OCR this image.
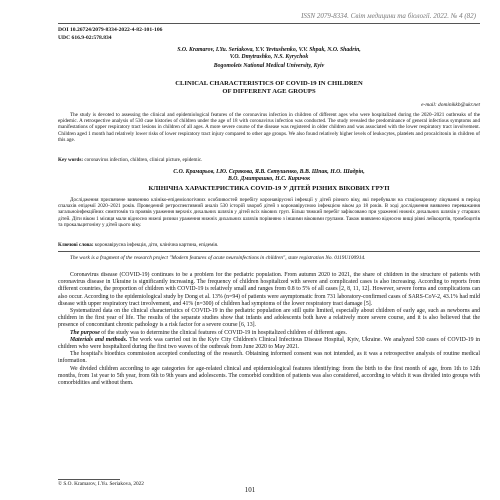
ISSN 2079-8334. Світ медицини та біології. 2022. № 4 (82)
DOI 10.26724/2079-8334-2022-4-82-101-106
UDC 616.9-02:578.834
S.O. Kramarov, I.Yu. Seriakova, Y.V. Yevtushenko, V.V. Shpak, N.O. Shadrin,
V.O. Dmytrashko, N.S. Kyrychok
Bogomolets National Medical University, Kyiv
CLINICAL CHARACTERISTICS OF COVID-19 IN CHILDREN
OF DIFFERENT AGE GROUPS
e-mail: dominikkb@ukr.net
The study is devoted to assessing the clinical and epidemiological features of the coronavirus infection in children of different ages who were hospitalized during the 2020–2021 outbreaks of the epidemic. A retrospective analysis of 530 case histories of children under the age of 18 with coronavirus infection was conducted. The study revealed the predominance of general infectious symptoms and manifestations of upper respiratory tract lesions in children of all ages. A more severe course of the disease was registered in older children and was associated with the lower respiratory tract involvement. Children aged 1 month had relatively lower risks of lower respiratory tract injury compared to other age groups. We also found relatively higher levels of leukocytes, platelets and procalcitonin in children of this age.
Key words: coronavirus infection, children, clinical picture, epidemic.
С.О. Крамарьов, І.Ю. Сєрякова, Я.В. Євтушенко, В.В. Шпак, Н.О. Шадрін,
В.О. Дмитрашко, Н.С. Киричок
КЛІНІЧНА ХАРАКТЕРИСТИКА COVID-19 У ДІТЕЙ РІЗНИХ ВІКОВИХ ГРУП
Дослідження присвячене вивченню клініко-епідеміологічних особливостей перебігу коронавірусної інфекції у дітей різного віку, які перебували на стаціонарному лікуванні в період спалахів епідемії 2020–2021 років. Проведений ретроспективний аналіз 530 історій хвороб дітей з коронавірусною інфекцією віком до 18 років. В ході дослідження виявлено переважання загальноінфекційних симптомів та проявів ураження верхніх дихальних шляхів у дітей всіх вікових груп. Більш тяжкий перебіг зафіксовано при ураженні нижніх дихальних шляхів у старших дітей. Діти віком 1 місяця мали відносно нижчі ризики ураження нижніх дихальних шляхів порівняно з іншими віковими групами. Також виявлено відносно вищі рівні лейкоцитів, тромбоцитів та прокальцитоніну у дітей цього віку.
Ключові слова: коронавірусна інфекція, діти, клінічна картина, епідемія.
The work is a fragment of the research project "Modern features of acute neuroinfections in children", state registration No. 0119U100914.

Coronavirus disease (COVID-19) continues to be a problem for the pediatric population. From autumn 2020 to 2021, the share of children in the structure of patients with coronavirus disease in Ukraine is significantly increasing. The frequency of children hospitalized with severe and complicated cases is also increasing. According to reports from different countries, the proportion of children with COVID-19 is relatively small and ranges from 0.8 to 5% of all cases [2, 8, 11, 12]. However, severe forms and complications can also occur. According to the epidemiological study by Dong et al. 13% (n=94) of patients were asymptomatic from 731 laboratory-confirmed cases of SARS-CoV-2, 43.1% had mild disease with upper respiratory tract involvement, and 41% (n=300) of children had symptoms of the lower respiratory tract damage [5].

Systematized data on the clinical characteristics of COVID-19 in the pediatric population are still quite limited, especially about children of early age, such as newborns and children in the first year of life. The results of the separate studies show that infants and adolescents both have a relatively more severe course, and it is also believed that the presence of concomitant chronic pathology is a risk factor for a severe course [6, 13].

The purpose of the study was to determine the clinical features of COVID-19 in hospitalized children of different ages.

Materials and methods. The work was carried out in the Kyiv City Children's Clinical Infectious Disease Hospital, Kyiv, Ukraine. We analyzed 530 cases of COVID-19 in children who were hospitalized during the first two waves of the outbreak from June 2020 to May 2021.

The hospital's bioethics commission accepted conducting of the research. Obtaining informed consent was not intended, as it was a retrospective analysis of routine medical information.

We divided children according to age categories for age-related clinical and epidemiological features identifying: from the birth to the first month of age, from 1th to 12th months, from 1st year to 5th year, from 6th to 9th years and adolescents. The comorbid condition of patients was also considered, according to which it was divided into groups with comorbidities and without them.

© S.O. Kramarov, I.Yu. Seriakova, 2022
101
